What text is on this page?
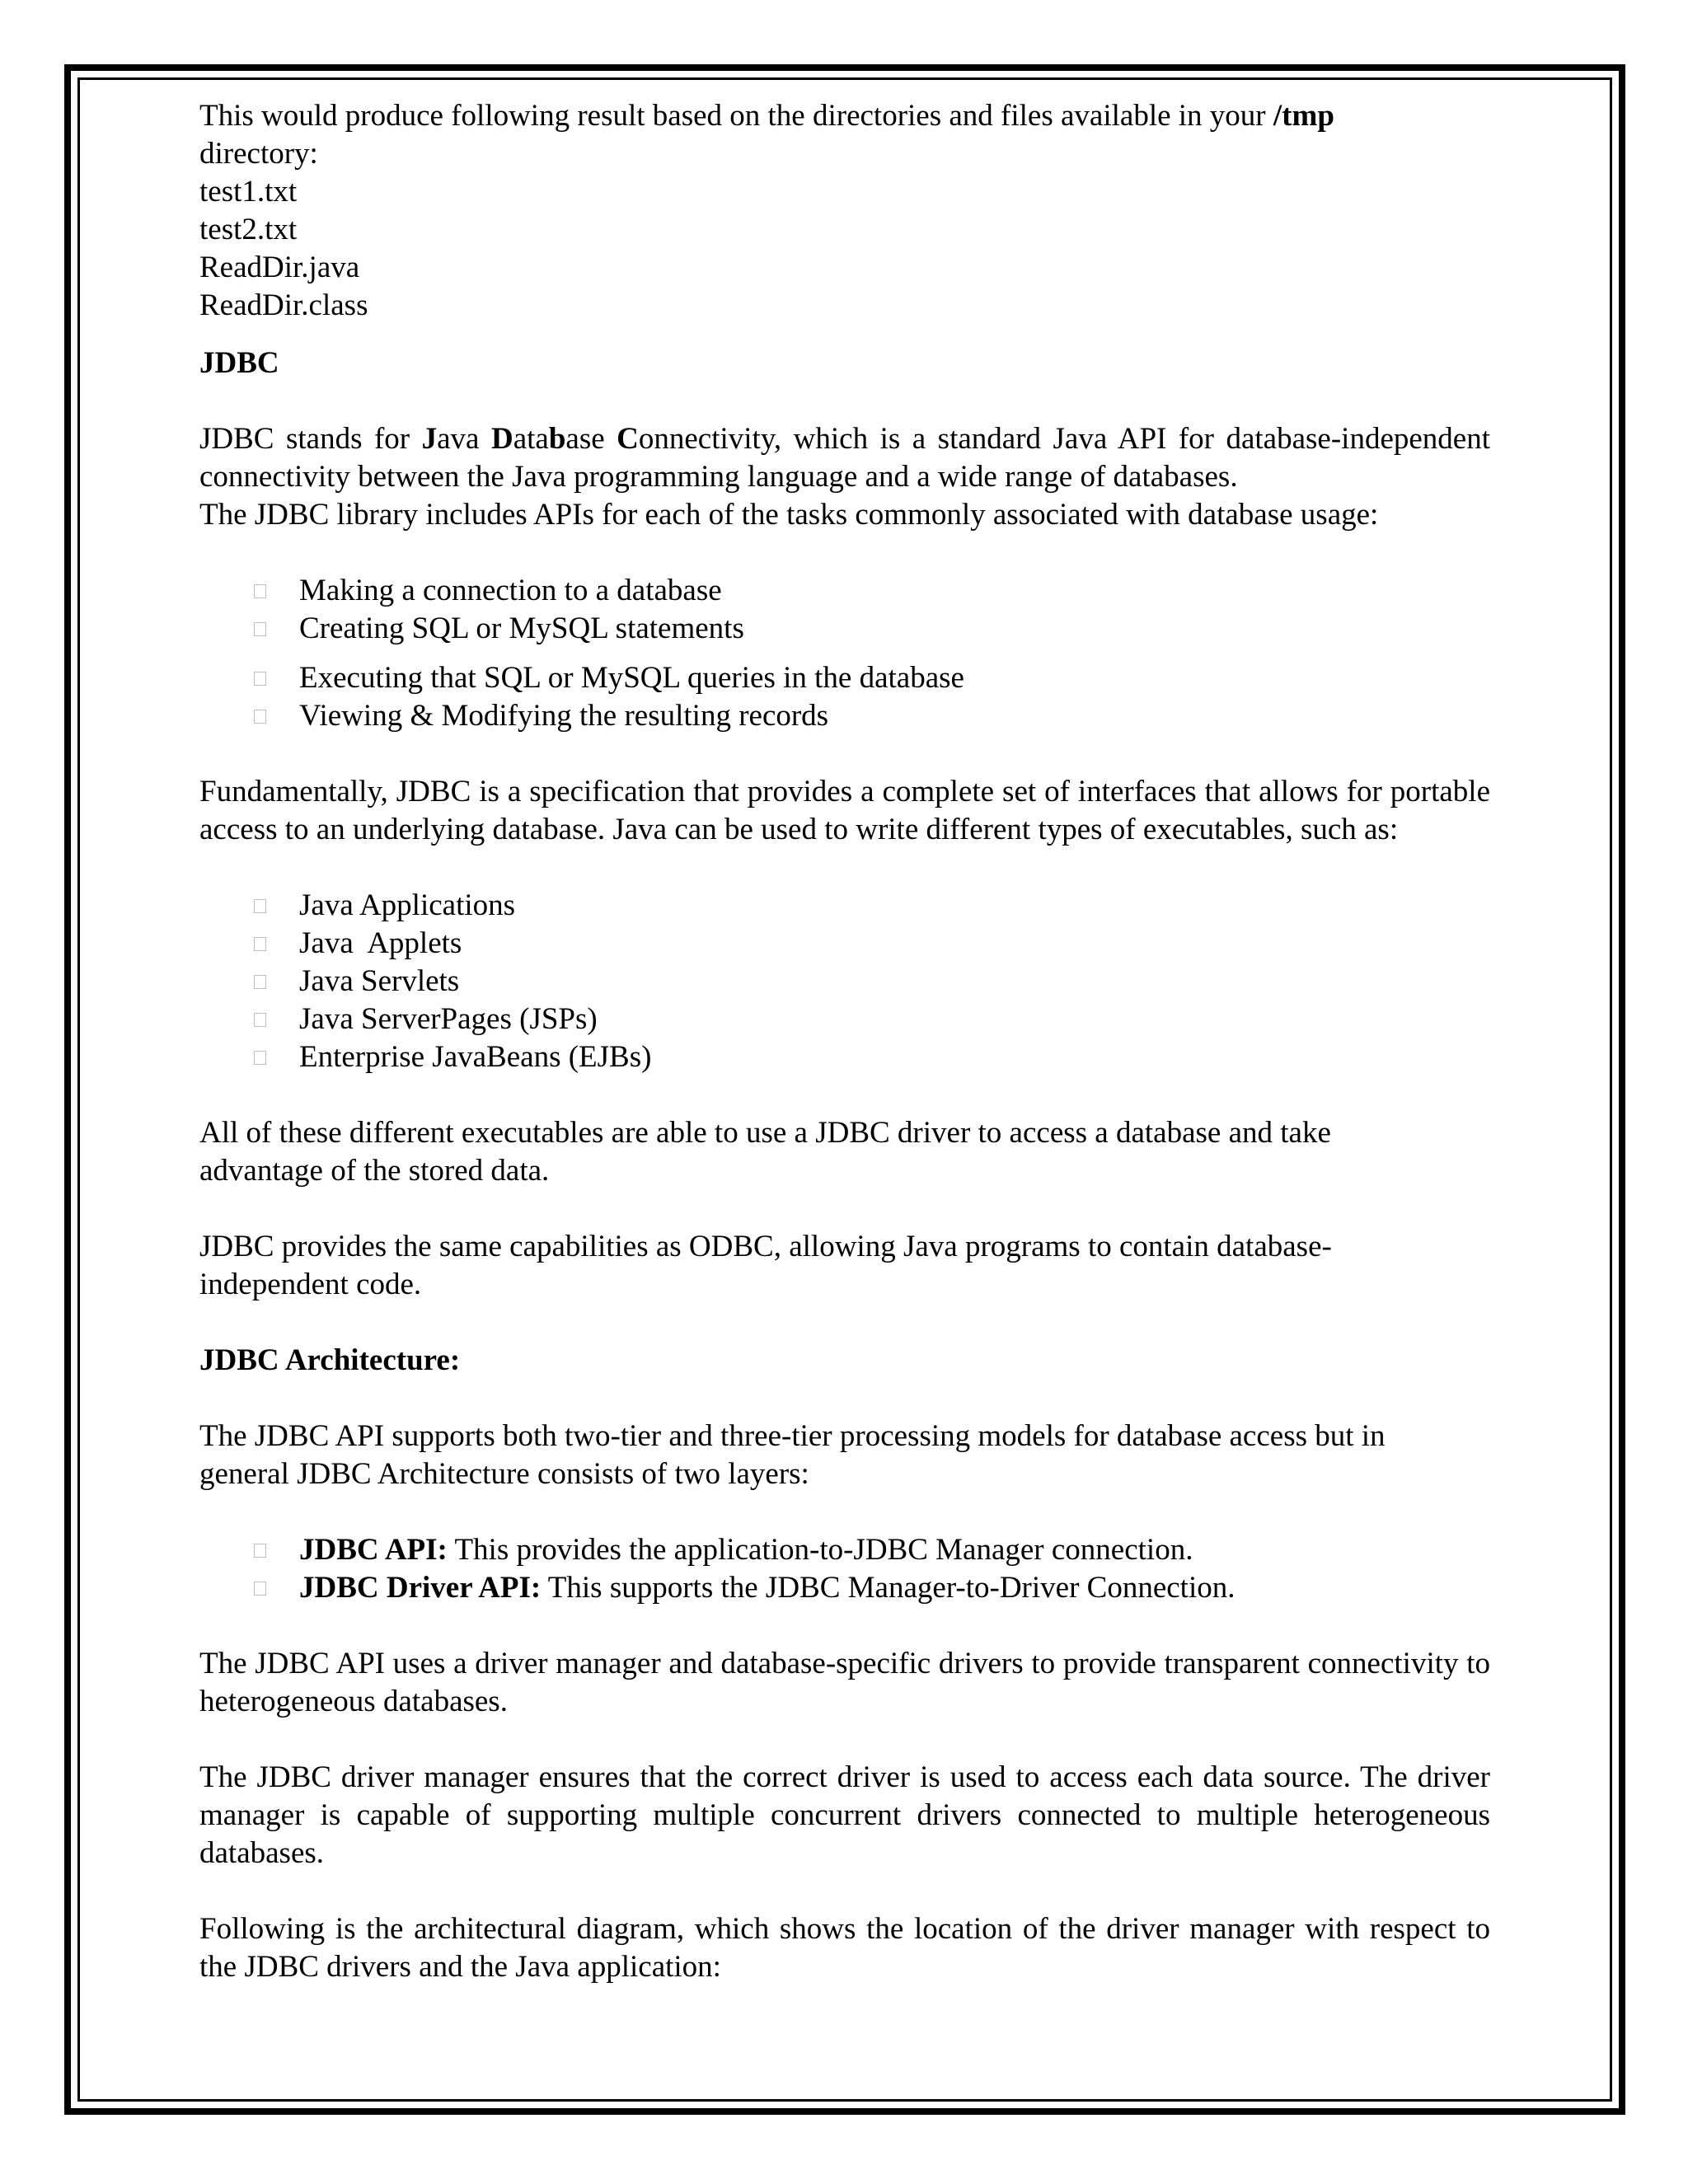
This would produce following result based on the directories and files available in your /tmp

directory:

test1.txt

test2.txt

ReadDir.java

ReadDir.class

JDBC

JDBC stands for Java Database Connectivity, which is a standard Java API for database-independent connectivity between the Java programming language and a wide range of databases.

The JDBC library includes APIs for each of the tasks commonly associated with database usage:

Making a connection to a database
Creating SQL or MySQL statements
Executing that SQL or MySQL queries in the database
Viewing & Modifying the resulting records

Fundamentally, JDBC is a specification that provides a complete set of interfaces that allows for portable access to an underlying database. Java can be used to write different types of executables, such as:

Java Applications
Java  Applets
Java Servlets
Java ServerPages (JSPs)
Enterprise JavaBeans (EJBs)

All of these different executables are able to use a JDBC driver to access a database and take

advantage of the stored data.

JDBC provides the same capabilities as ODBC, allowing Java programs to contain database-

independent code.

JDBC Architecture:

The JDBC API supports both two-tier and three-tier processing models for database access but in

general JDBC Architecture consists of two layers:

JDBC API: This provides the application-to-JDBC Manager connection.
JDBC Driver API: This supports the JDBC Manager-to-Driver Connection.

The JDBC API uses a driver manager and database-specific drivers to provide transparent connectivity to heterogeneous databases.

The JDBC driver manager ensures that the correct driver is used to access each data source. The driver manager is capable of supporting multiple concurrent drivers connected to multiple heterogeneous databases.

Following is the architectural diagram, which shows the location of the driver manager with respect to the JDBC drivers and the Java application:
